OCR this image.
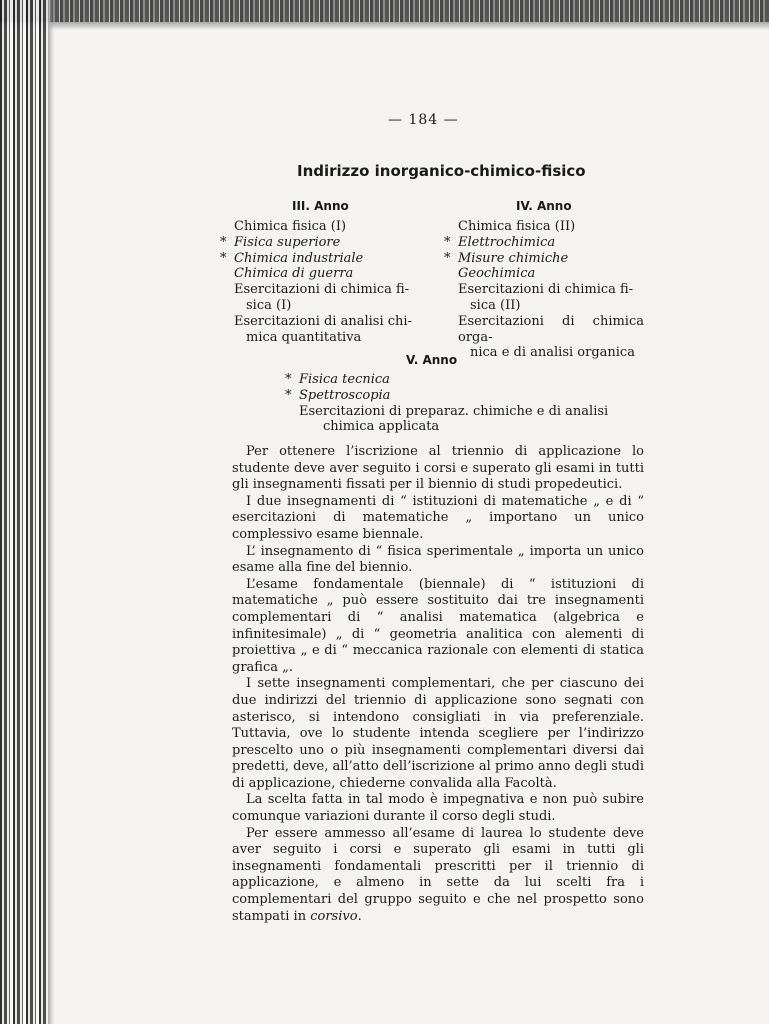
— 184 —
Indirizzo inorganico-chimico-fisico
III. Anno
Chimica fisica (I)
* Fisica superiore
* Chimica industriale
Chimica di guerra
Esercitazioni di chimica fi-
sica (I)
Esercitazioni di analisi chi-
mica quantitativa
IV. Anno
Chimica fisica (II)
* Elettrochimica
* Misure chimiche
Geochimica
Esercitazioni di chimica fi-
sica (II)
Esercitazioni di chimica orga-
nica e di analisi organica
V. Anno
* Fisica tecnica
* Spettroscopia
Esercitazioni di preparaz. chimiche e di analisi
chimica applicata

Per ottenere l’iscrizione al triennio di applicazione lo studente deve aver seguito i corsi e superato gli esami in tutti gli insegnamenti fissati per il biennio di studi propedeutici.

I due insegnamenti di “ istituzioni di matematiche „ e di “ esercitazioni di matematiche „ importano un unico complessivo esame biennale.

L’ insegnamento di “ fisica sperimentale „ importa un unico esame alla fine del biennio.

L’esame fondamentale (biennale) di “ istituzioni di matematiche „ può essere sostituito dai tre insegnamenti complementari di “ analisi matematica (algebrica e infinitesimale) „ di “ geometria analitica con alementi di proiettiva „ e di “ meccanica razionale con elementi di statica grafica „.

I sette insegnamenti complementari, che per ciascuno dei due indirizzi del triennio di applicazione sono segnati con asterisco, si intendono consigliati in via preferenziale. Tuttavia, ove lo studente intenda scegliere per l’indirizzo prescelto uno o più insegnamenti complementari diversi dai predetti, deve, all’atto dell’iscrizione al primo anno degli studi di applicazione, chiederne convalida alla Facoltà.

La scelta fatta in tal modo è impegnativa e non può subire comunque variazioni durante il corso degli studi.

Per essere ammesso all’esame di laurea lo studente deve aver seguito i corsi e superato gli esami in tutti gli insegnamenti fondamentali prescritti per il triennio di applicazione, e almeno in sette da lui scelti fra i complementari del gruppo seguito e che nel prospetto sono stampati in corsivo.
